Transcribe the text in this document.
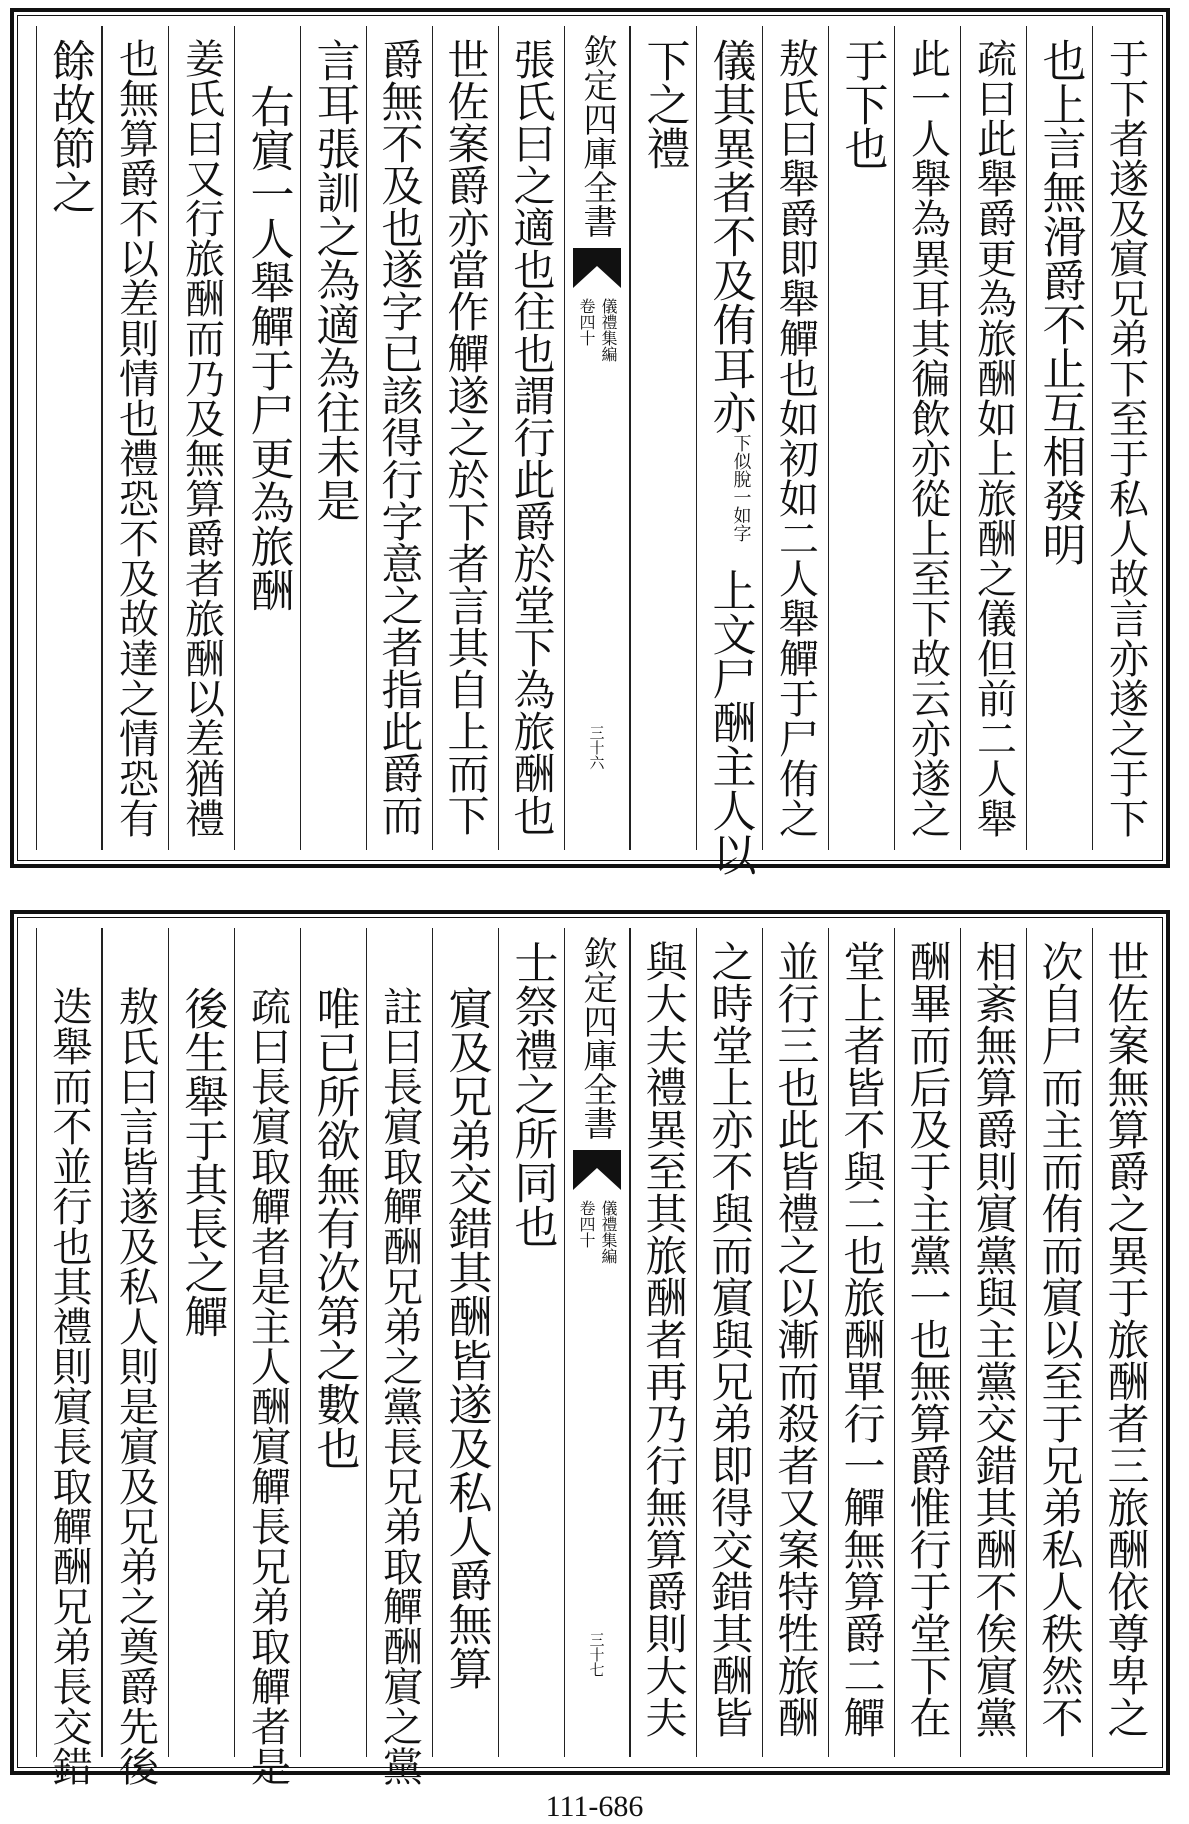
于下者遂及賔兄弟下至于私人故言亦遂之于下
也上言無滑爵不止互相發明
疏曰此舉爵更為旅酬如上旅酬之儀但前二人舉
此一人舉為異耳其徧飲亦從上至下故云亦遂之
于下也
敖氏曰舉爵即舉觶也如初如二人舉觶于尸侑之
儀其異者不及侑耳亦
下似脫一如字
上文尸酬主人以
下之禮
欽定四庫全書
儀禮集編
卷四十
三十六
張氏曰之適也往也謂行此爵於堂下為旅酬也
世佐案爵亦當作觶遂之於下者言其自上而下
爵無不及也遂字已該得行字意之者指此爵而
言耳張訓之為適為往未是
右賔一人舉觶于尸更為旅酬
姜氏曰又行旅酬而乃及無算爵者旅酬以差猶禮
也無算爵不以差則情也禮恐不及故達之情恐有
餘故節之
世佐案無算爵之異于旅酬者三旅酬依尊卑之
次自尸而主而侑而賔以至于兄弟私人秩然不
相紊無算爵則賔黨與主黨交錯其酬不俟賔黨
酬畢而后及于主黨一也無算爵惟行于堂下在
堂上者皆不與二也旅酬單行一觶無算爵二觶
並行三也此皆禮之以漸而殺者又案特牲旅酬
之時堂上亦不與而賔與兄弟即得交錯其酬皆
與大夫禮異至其旅酬者再乃行無算爵則大夫
欽定四庫全書
儀禮集編
卷四十
三十七
士祭禮之所同也
賔及兄弟交錯其酬皆遂及私人爵無算
註曰長賔取觶酬兄弟之黨長兄弟取觶酬賔之黨
唯已所欲無有次第之數也
疏曰長賔取觶者是主人酬賔觶長兄弟取觶者是
後生舉于其長之觶
敖氏曰言皆遂及私人則是賔及兄弟之奠爵先後
迭舉而不並行也其禮則賔長取觶酬兄弟長交錯
111-686
